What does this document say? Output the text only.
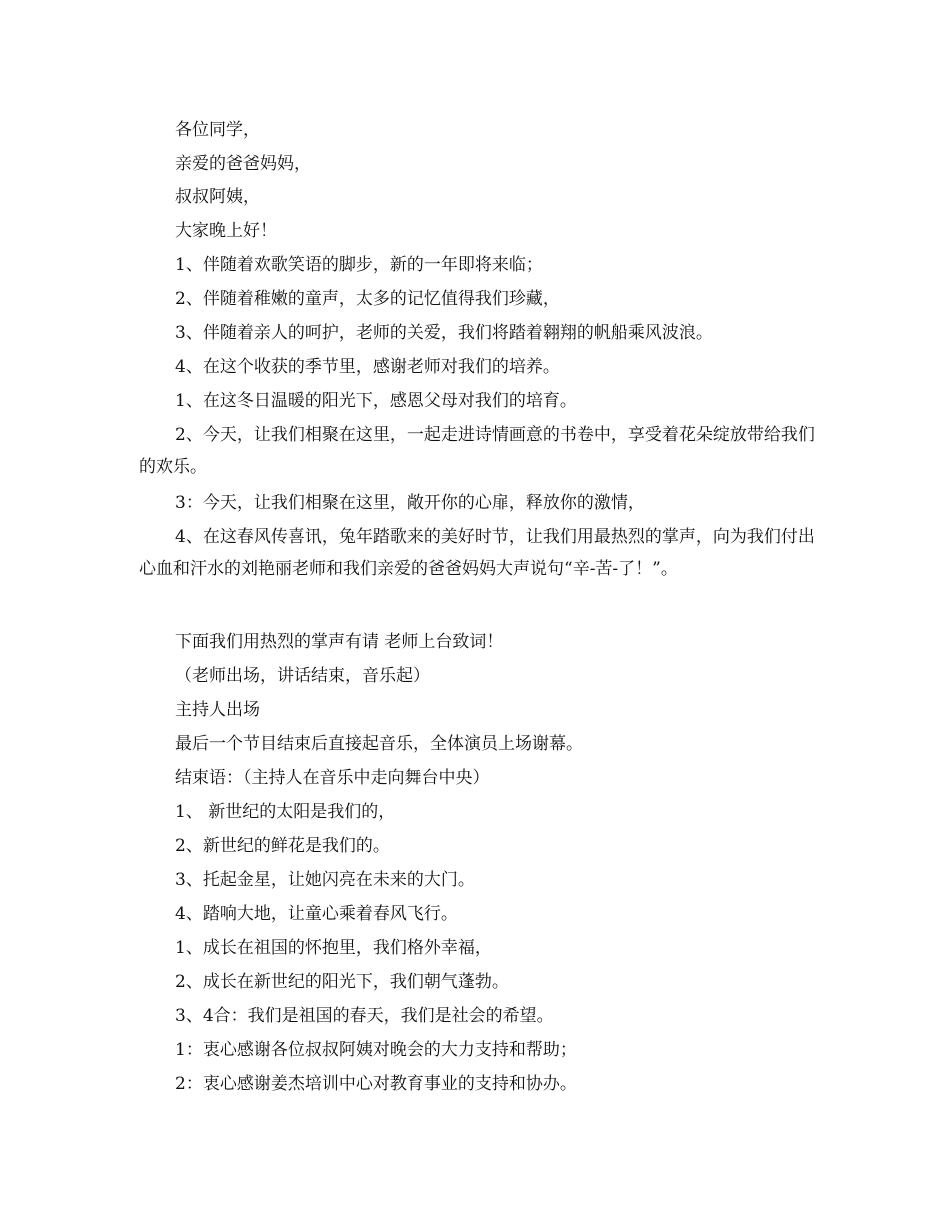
各位同学，

亲爱的爸爸妈妈，

叔叔阿姨，

大家晚上好！

1、伴随着欢歌笑语的脚步，新的一年即将来临；

2、伴随着稚嫩的童声，太多的记忆值得我们珍藏，

3、伴随着亲人的呵护，老师的关爱，我们将踏着翱翔的帆船乘风波浪。

4、在这个收获的季节里，感谢老师对我们的培养。

1、在这冬日温暖的阳光下，感恩父母对我们的培育。

2、今天，让我们相聚在这里，一起走进诗情画意的书卷中，享受着花朵绽放带给我们的欢乐。

3：今天，让我们相聚在这里，敞开你的心扉，释放你的激情，

4、在这春风传喜讯，兔年踏歌来的美好时节，让我们用最热烈的掌声，向为我们付出心血和汗水的刘艳丽老师和我们亲爱的爸爸妈妈大声说句“辛-苦-了！”。

下面我们用热烈的掌声有请 老师上台致词！

（老师出场，讲话结束，音乐起）

主持人出场

最后一个节目结束后直接起音乐，全体演员上场谢幕。

结束语：（主持人在音乐中走向舞台中央）

1、 新世纪的太阳是我们的，

2、新世纪的鲜花是我们的。

3、托起金星，让她闪亮在未来的大门。

4、踏响大地，让童心乘着春风飞行。

1、成长在祖国的怀抱里，我们格外幸福，

2、成长在新世纪的阳光下，我们朝气蓬勃。

3、4合：我们是祖国的春天，我们是社会的希望。

1：衷心感谢各位叔叔阿姨对晚会的大力支持和帮助；

2：衷心感谢姜杰培训中心对教育事业的支持和协办。
